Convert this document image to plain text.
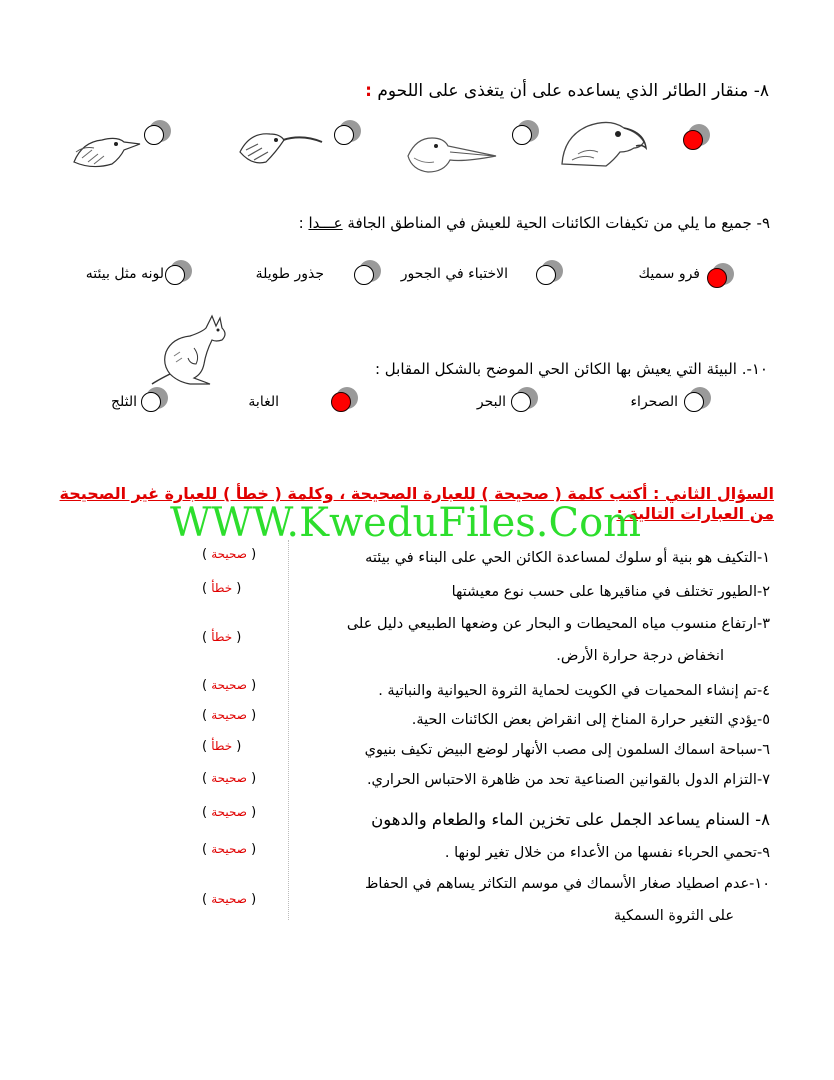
٨- منقار الطائر الذي يساعده على أن يتغذى على اللحوم :
٩- جميع ما يلي من تكيفات الكائنات الحية للعيش في المناطق الجافة عـــدا :
فرو سميك
الاختباء في الجحور
جذور طويلة
لونه مثل بيئته
١٠-. البيئة التي يعيش بها الكائن الحي الموضح بالشكل المقابل :
الصحراء
البحر
الغابة
الثلج
السؤال الثاني : أكتب كلمة ( صحيحة ) للعبارة الصحيحة ، وكلمة ( خطأ ) للعبارة غير الصحيحة
من العبارات التالية :
WWW.KweduFiles.Com
١-التكيف هو بنية أو سلوك لمساعدة الكائن الحي على البناء في بيئته
( صحيحة )
٢-الطيور تختلف في مناقيرها على حسب نوع معيشتها
( خطأ )
٣-ارتفاع منسوب مياه المحيطات و البحار عن وضعها الطبيعي دليل على
انخفاض درجة حرارة الأرض.
( خطأ )
٤-تم إنشاء المحميات في الكويت لحماية الثروة الحيوانية والنباتية .
( صحيحة )
٥-يؤدي التغير حرارة المناخ إلى انقراض بعض الكائنات الحية.
( صحيحة )
٦-سباحة اسماك السلمون إلى مصب الأنهار لوضع البيض تكيف بنيوي
( خطأ )
٧-التزام الدول بالقوانين الصناعية تحد من ظاهرة الاحتباس الحراري.
( صحيحة )
٨- السنام يساعد الجمل على تخزين الماء والطعام والدهون
( صحيحة )
٩-تحمي الحرباء نفسها من الأعداء من خلال تغير لونها .
( صحيحة )
١٠-عدم اصطياد صغار الأسماك في موسم التكاثر يساهم في الحفاظ
على الثروة السمكية
( صحيحة )
